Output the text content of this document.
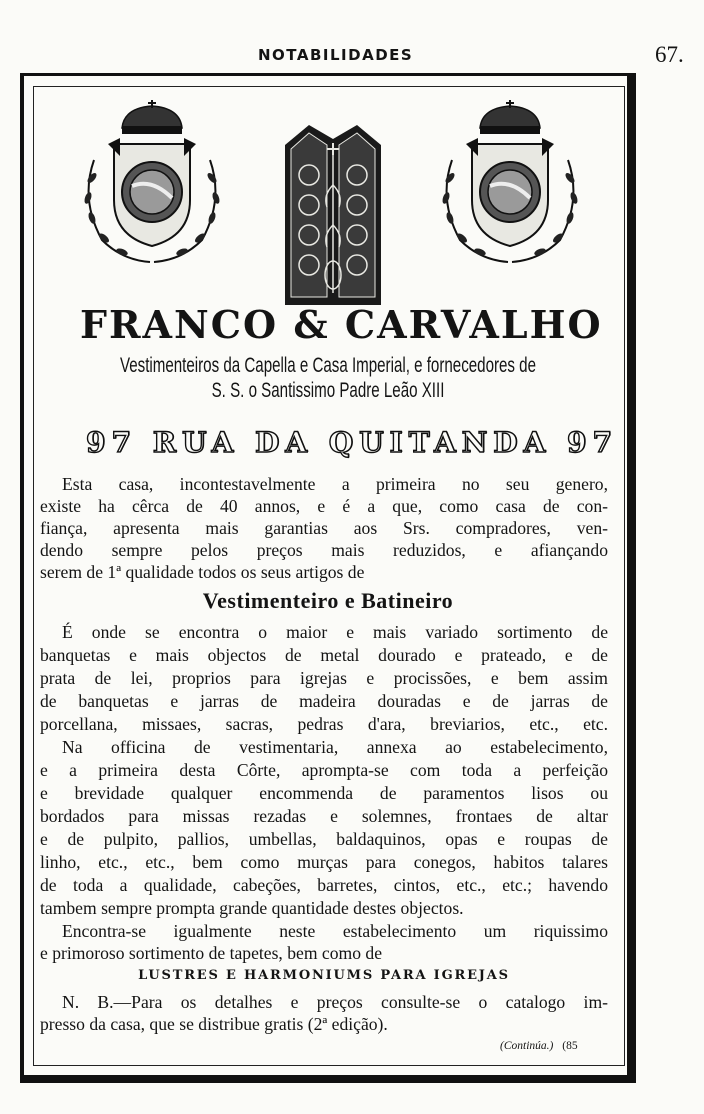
NOTABILIDADES	67.
FRANCO & CARVALHO
Vestimenteiros da Capella e Casa Imperial, e fornecedores de
S. S. o Santissimo Padre Leão XIII
97 RUA DA QUITANDA 97
Esta casa, incontestavelmente a primeira no seu genero,
existe ha cêrca de 40 annos, e é a que, como casa de con-
fiança, apresenta mais garantias aos Srs. compradores, ven-
dendo sempre pelos preços mais reduzidos, e afiançando
serem de 1ª qualidade todos os seus artigos de
Vestimenteiro e Batineiro
É onde se encontra o maior e mais variado sortimento de
banquetas e mais objectos de metal dourado e prateado, e de
prata de lei, proprios para igrejas e procissões, e bem assim
de banquetas e jarras de madeira douradas e de jarras de
porcellana, missaes, sacras, pedras d'ara, breviarios, etc., etc.
Na officina de vestimentaria, annexa ao estabelecimento,
e a primeira desta Côrte, aprompta-se com toda a perfeição
e brevidade qualquer encommenda de paramentos lisos ou
bordados para missas rezadas e solemnes, frontaes de altar
e de pulpito, pallios, umbellas, baldaquinos, opas e roupas de
linho, etc., etc., bem como murças para conegos, habitos talares
de toda a qualidade, cabeções, barretes, cintos, etc., etc.; havendo
tambem sempre prompta grande quantidade destes objectos.
Encontra-se igualmente neste estabelecimento um riquissimo
e primoroso sortimento de tapetes, bem como de
LUSTRES E HARMONIUMS PARA IGREJAS
N. B.—Para os detalhes e preços consulte-se o catalogo im-
presso da casa, que se distribue gratis (2ª edição).
(Continúa.) (85
